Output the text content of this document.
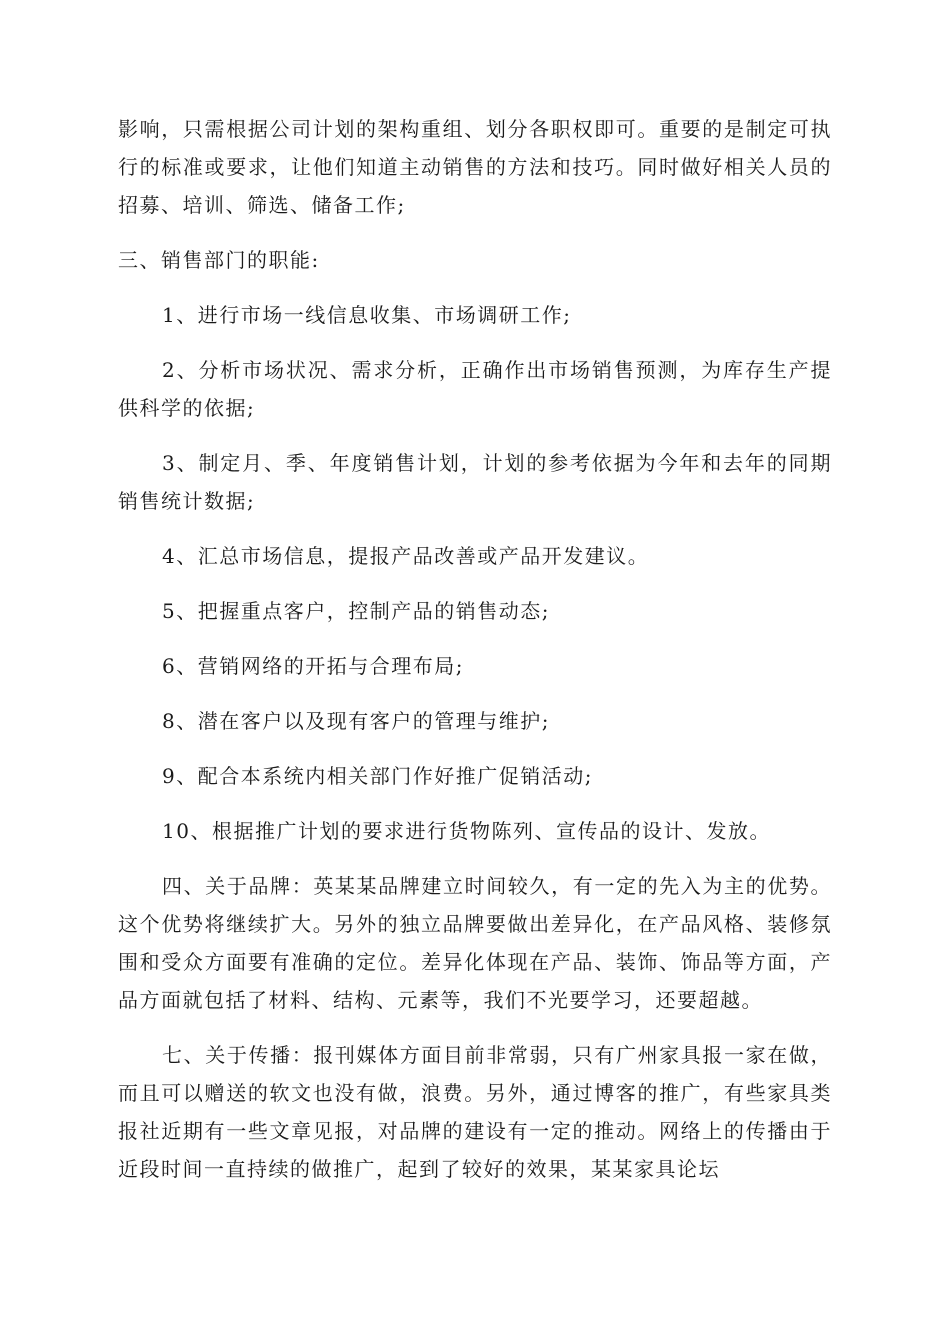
影响，只需根据公司计划的架构重组、划分各职权即可。重要的是制定可执行的标准或要求，让他们知道主动销售的方法和技巧。同时做好相关人员的招募、培训、筛选、储备工作;

三、销售部门的职能:

1、进行市场一线信息收集、市场调研工作;

2、分析市场状况、需求分析，正确作出市场销售预测，为库存生产提供科学的依据;

3、制定月、季、年度销售计划，计划的参考依据为今年和去年的同期销售统计数据;

4、汇总市场信息，提报产品改善或产品开发建议。

5、把握重点客户，控制产品的销售动态;

6、营销网络的开拓与合理布局;

8、潜在客户以及现有客户的管理与维护;

9、配合本系统内相关部门作好推广促销活动;

10、根据推广计划的要求进行货物陈列、宣传品的设计、发放。

四、关于品牌：英某某品牌建立时间较久，有一定的先入为主的优势。这个优势将继续扩大。另外的独立品牌要做出差异化，在产品风格、装修氛围和受众方面要有准确的定位。差异化体现在产品、装饰、饰品等方面，产品方面就包括了材料、结构、元素等，我们不光要学习，还要超越。

七、关于传播：报刊媒体方面目前非常弱，只有广州家具报一家在做，而且可以赠送的软文也没有做，浪费。另外，通过博客的推广，有些家具类报社近期有一些文章见报，对品牌的建设有一定的推动。网络上的传播由于近段时间一直持续的做推广，起到了较好的效果，某某家具论坛
